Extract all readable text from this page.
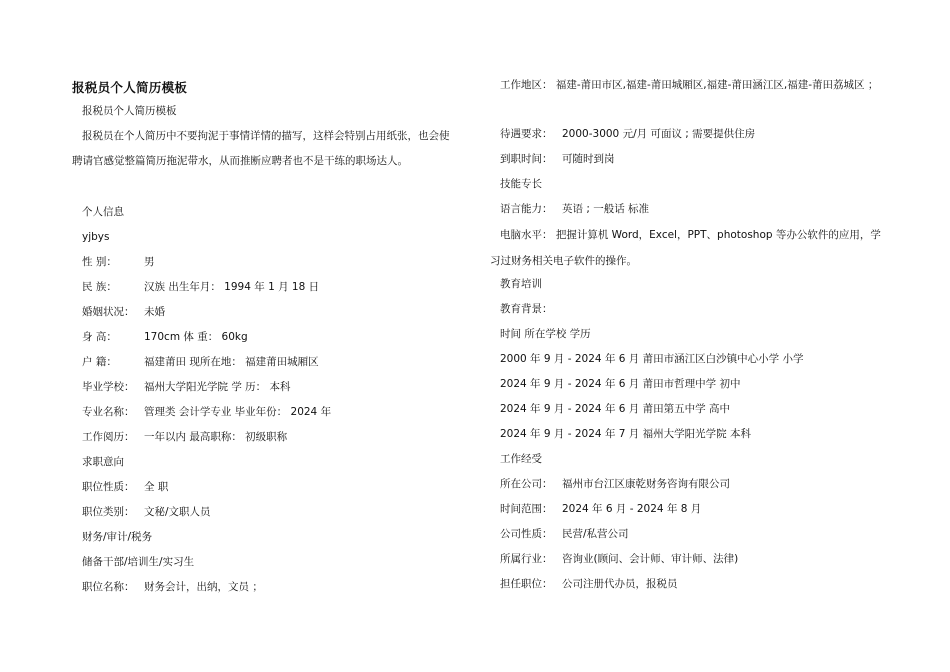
报税员个人简历模板
报税员个人简历模板
报税员在个人简历中不要拘泥于事情详情的描写，这样会特别占用纸张，也会使聘请官感觉整篇简历拖泥带水，从而推断应聘者也不是干练的职场达人。
个人信息
yjbys
性 别：	男
民 族：	汉族 出生年月： 1994 年 1 月 18 日
婚姻状况： 未婚
身 高：	170cm 体 重： 60kg
户 籍：	福建莆田 现所在地： 福建莆田城厢区
毕业学校： 福州大学阳光学院 学 历： 本科
专业名称： 管理类 会计学专业 毕业年份： 2024 年
工作阅历： 一年以内 最高职称： 初级职称
求职意向
职位性质： 全 职
职位类别： 文秘/文职人员
财务/审计/税务
储备干部/培训生/实习生
职位名称： 财务会计，出纳，文员 ；
工作地区： 福建-莆田市区,福建-莆田城厢区,福建-莆田涵江区,福建-莆田荔城区 ；
待遇要求： 2000-3000 元/月 可面议 ; 需要提供住房
到职时间： 可随时到岗
技能专长
语言能力： 英语 ; 一般话 标准
电脑水平： 把握计算机 Word，Excel，PPT、photoshop 等办公软件的应用，学习过财务相关电子软件的操作。
教育培训
教育背景：
时间 所在学校 学历
2000 年 9 月 - 2024 年 6 月 莆田市涵江区白沙镇中心小学 小学
2024 年 9 月 - 2024 年 6 月 莆田市哲理中学 初中
2024 年 9 月 - 2024 年 6 月 莆田第五中学 高中
2024 年 9 月 - 2024 年 7 月 福州大学阳光学院 本科
工作经受
所在公司： 福州市台江区康乾财务咨询有限公司
时间范围： 2024 年 6 月 - 2024 年 8 月
公司性质： 民营/私营公司
所属行业： 咨询业(顾问、会计师、审计师、法律)
担任职位： 公司注册代办员，报税员
